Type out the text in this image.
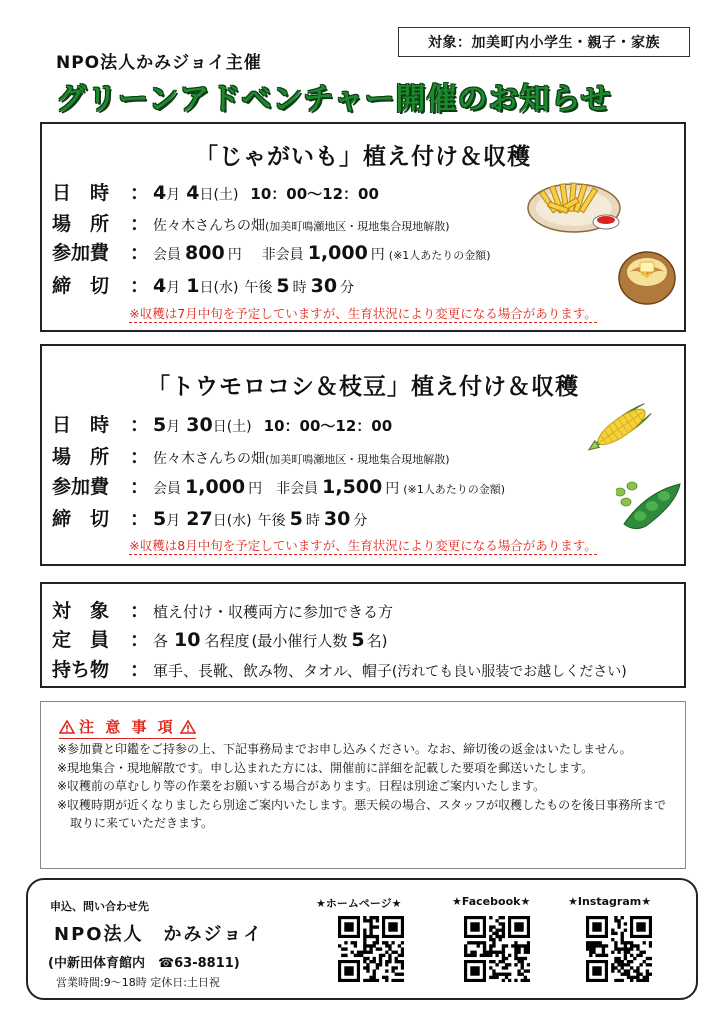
対象：加美町内小学生・親子・家族
NPO法人かみジョイ主催
グリーンアドベンチャー開催のお知らせ
「じゃがいも」植え付け＆収穫
日　時	： 4 月 4 日(土) 10：00～12：00
場　所	： 佐々木さんちの畑 (加美町鳴瀬地区・現地集合現地解散)
参加費	： 会員 800 円 非会員 1,000 円 (※1人あたりの金額)
締　切	： 4 月 1 日(水) 午後 5 時 30 分
※収穫は7月中旬を予定していますが、生育状況により変更になる場合があります。
「トウモロコシ＆枝豆」植え付け＆収穫
日　時	： 5 月 30 日(土) 10：00～12：00
場　所	： 佐々木さんちの畑 (加美町鳴瀬地区・現地集合現地解散)
参加費	： 会員 1,000 円 非会員 1,500 円 (※1人あたりの金額)
締　切	： 5 月 27 日(水) 午後 5 時 30 分
※収穫は8月中旬を予定していますが、生育状況により変更になる場合があります。
対　象	： 植え付け・収穫両方に参加できる方
定　員	： 各 10 名程度 (最小催行人数 5 名)
持ち物	： 軍手、長靴、飲み物、タオル、帽子 (汚れても良い服装でお越しください)
注 意 事 項
※参加費と印鑑をご持参の上、下記事務局までお申し込みください。なお、締切後の返金はいたしません。
※現地集合・現地解散です。申し込まれた方には、開催前に詳細を記載した要項を郵送いたします。
※収穫前の草むしり等の作業をお願いする場合があります。日程は別途ご案内いたします。
※収穫時期が近くなりましたら別途ご案内いたします。悪天候の場合、スタッフが収穫したものを後日事務所まで取りに来ていただきます。
申込、問い合わせ先
NPO法人　かみジョイ
(中新田体育館内　☎63-8811)
営業時間:9～18時 定休日:土日祝
★ホームページ★	★Facebook★	★Instagram★
